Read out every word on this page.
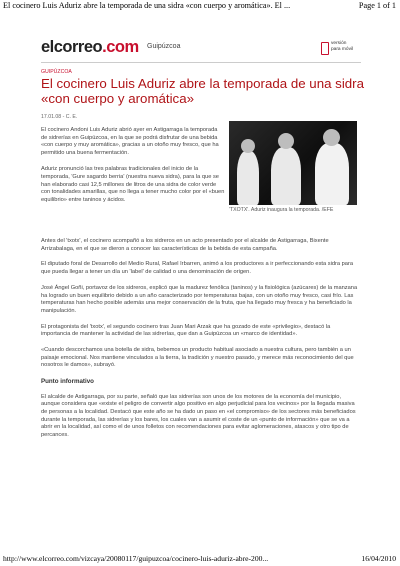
El cocinero Luis Aduriz abre la temporada de una sidra «con cuerpo y aromática». El ...	Page 1 of 1
elcorreo.com Guipúzcoa	versión
para móvil
GUIPÚZCOA
El cocinero Luis Aduriz abre la temporada de una sidra «con cuerpo y aromática»
17.01.08 - C. E.

El cocinero Andoni Luis Aduriz abrió ayer en Astigarraga la temporada de sidrerías en Guipúzcoa, en la que se podrá disfrutar de una bebida «con cuerpo y muy aromática», gracias a un otoño muy fresco, que ha permitido una buena fermentación.

Aduriz pronunció las tres palabras tradicionales del inicio de la temporada, 'Gure sagardo berria' (nuestra nueva sidra), para la que se han elaborado casi 12,5 millones de litros de una sidra de color verde con tonalidades amarillas, que no llega a tener mucho color por el «buen equilibrio» entre taninos y ácidos.

'TXOTX'. Aduriz inaugura la temporada. /EFE

Antes del 'txotx', el cocinero acompañó a los sidreros en un acto presentado por el alcalde de Astigarraga, Bixente Arrizabalaga, en el que se dieron a conocer las características de la bebida de esta campaña.

El diputado foral de Desarrollo del Medio Rural, Rafael Irbarren, animó a los productores a ir perfeccionando esta sidra para que pueda llegar a tener un día un 'label' de calidad o una denominación de origen.

José Ángel Goñi, portavoz de los sidreros, explicó que la madurez fenólica (taninos) y la fisiológica (azúcares) de la manzana ha logrado un buen equilibrio debido a un año caracterizado por temperaturas bajas, con un otoño muy fresco, casi frío. Las temperaturas han hecho posible además una mejor conservación de la fruta, que ha llegado muy fresca y ha beneficiado la manipulación.

El protagonista del 'txotx', el segundo cocinero tras Juan Mari Arzak que ha gozado de este «privilegio», destacó la importancia de mantener la actividad de las sidrerías, que dan a Guipúzcoa un «marco de identidad».

«Cuando descorchamos una botella de sidra, bebemos un producto habitual asociado a nuestra cultura, pero también a un paisaje emocional. Nos mantiene vinculados a la tierra, la tradición y nuestro pasado, y merece más reconocimiento del que nosotros le damos», subrayó.

Punto informativo

El alcalde de Astigarraga, por su parte, señaló que las sidrerías son unos de los motores de la economía del municipio, aunque considera que «existe el peligro de convertir algo positivo en algo perjudicial para los vecinos» por la llegada masiva de personas a la localidad. Destacó que este año se ha dado un paso en «el compromiso» de los sectores más beneficiados durante la temporada, las sidrerías y los bares, los cuales van a asumir el coste de un «punto de información» que se va a abrir en la localidad, así como el de unos folletos con recomendaciones para evitar aglomeraciones, atascos y otro tipo de percances.

http://www.elcorreo.com/vizcaya/20080117/guipuzcoa/cocinero-luis-aduriz-abre-200...	16/04/2010
